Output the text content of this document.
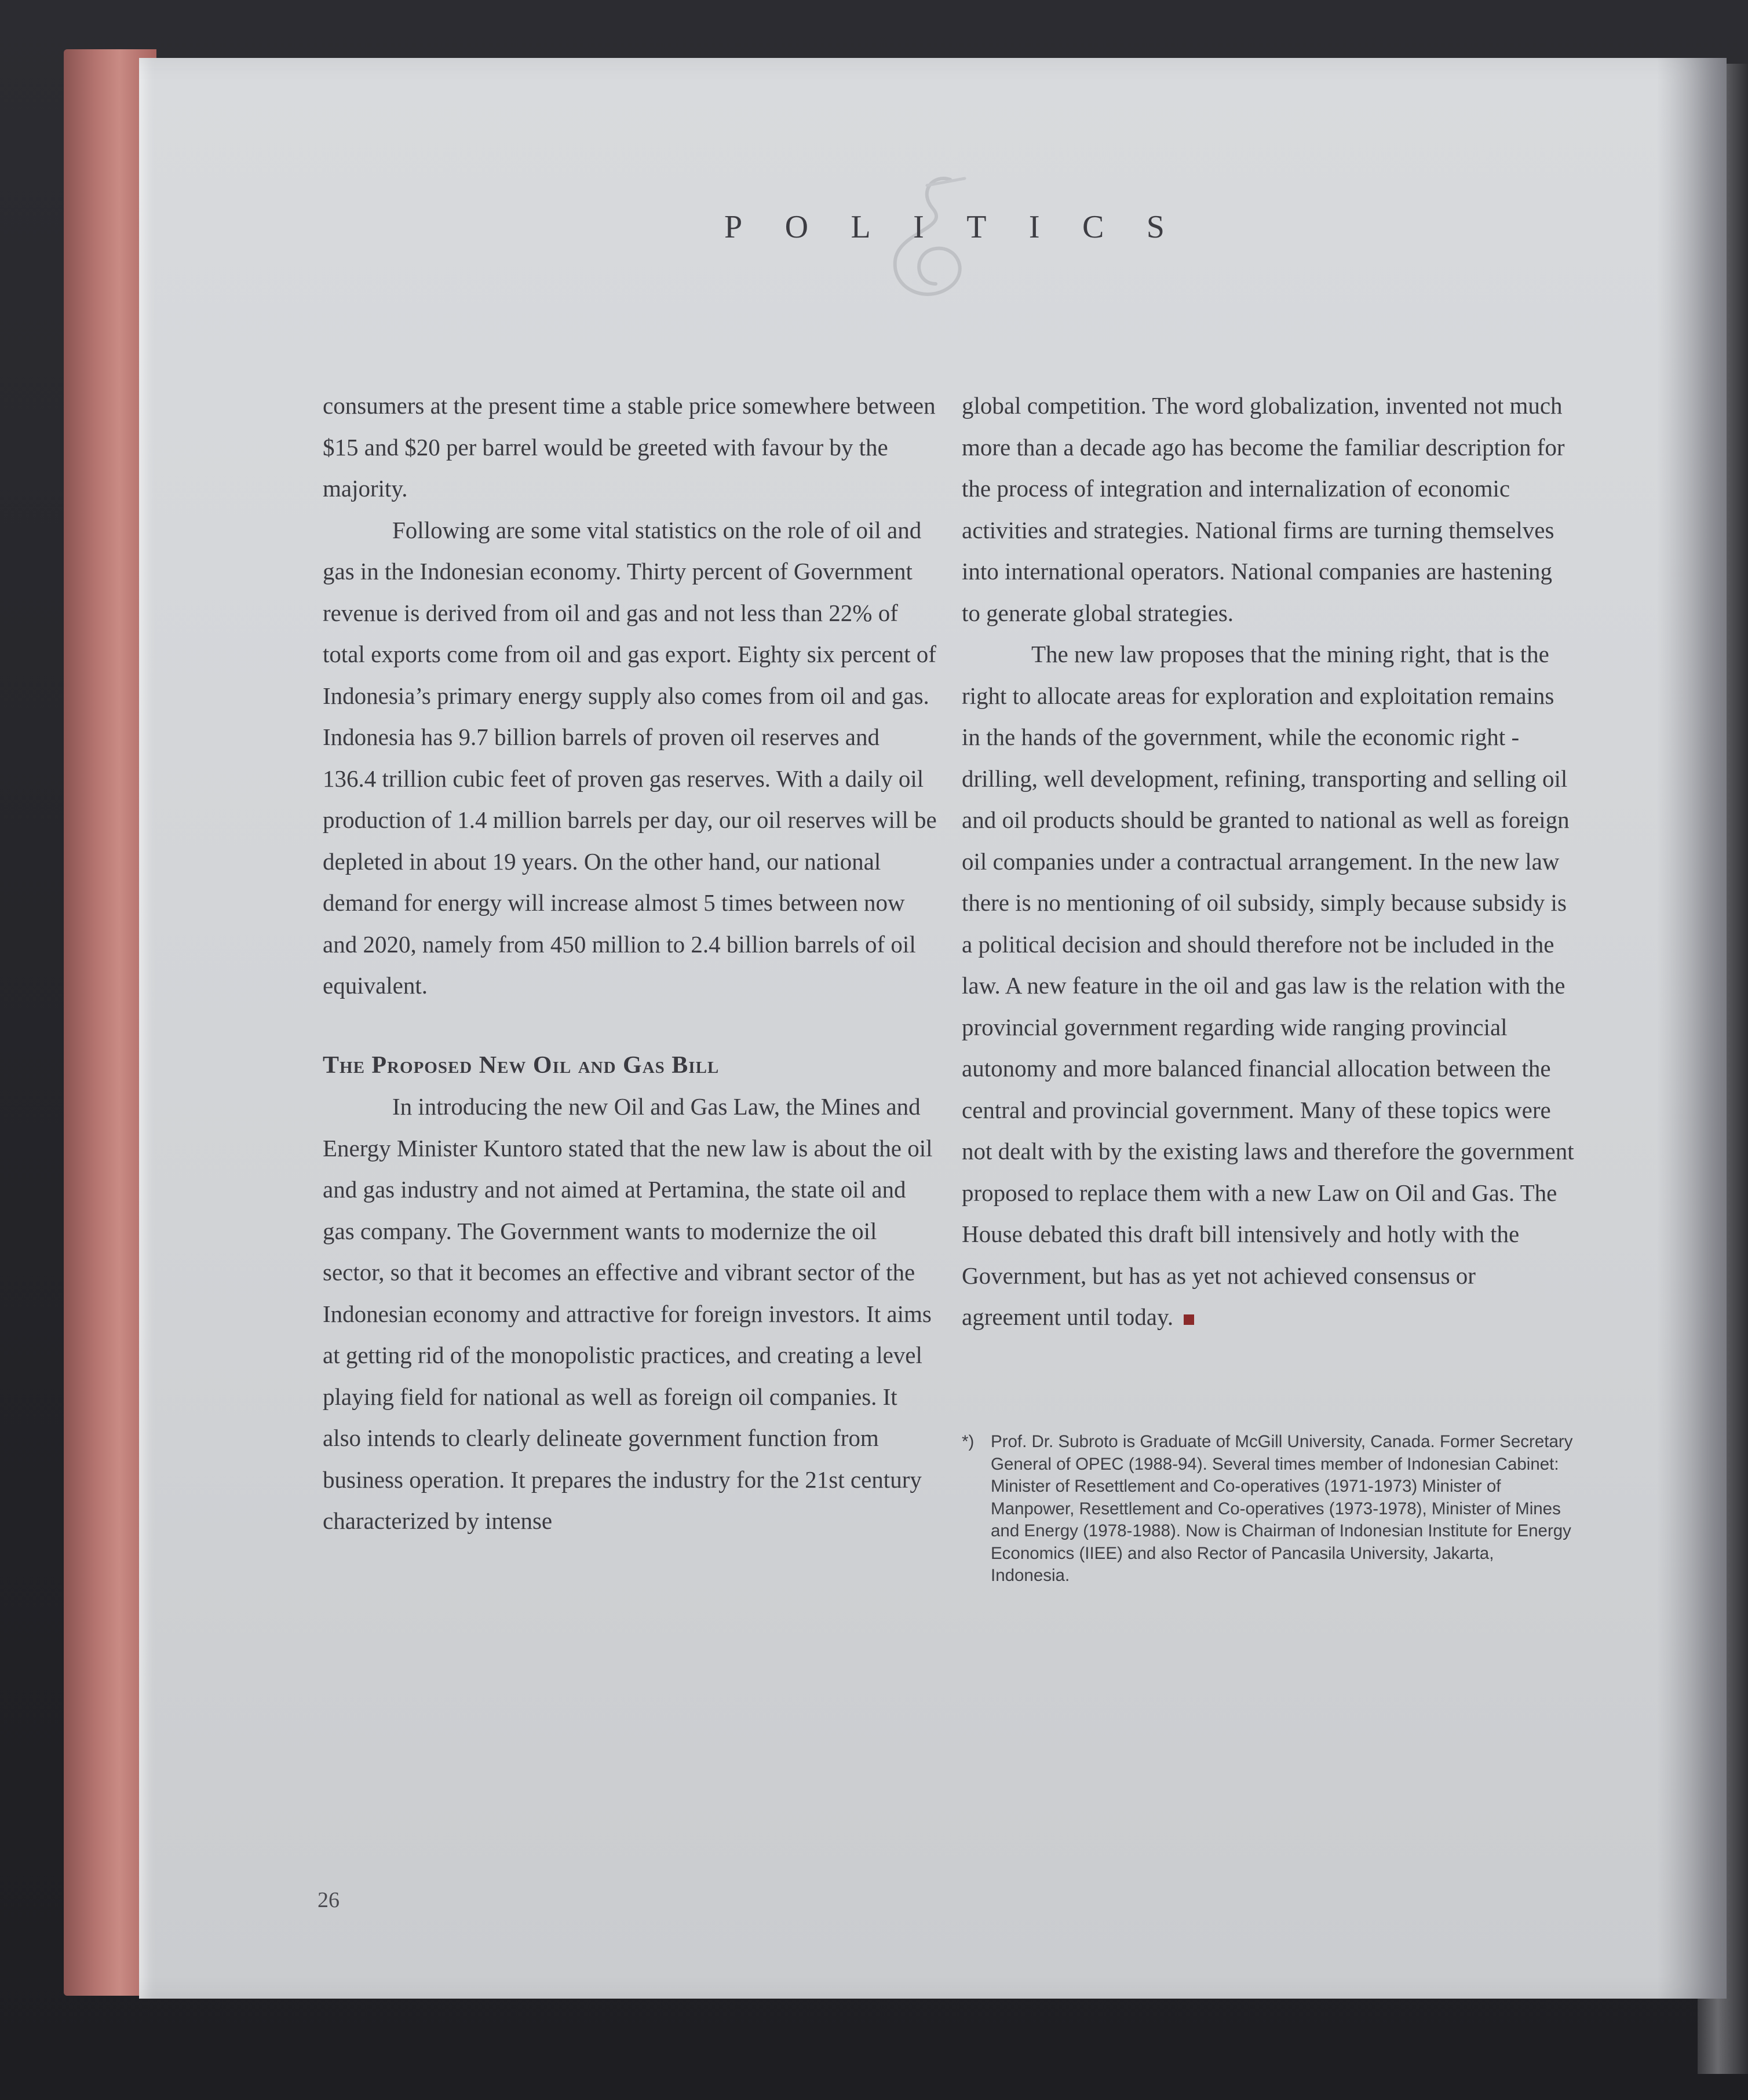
P O L I T I C S

consumers at the present time a stable price somewhere between $15 and $20 per barrel would be greeted with favour by the majority.

Following are some vital statistics on the role of oil and gas in the Indonesian economy. Thirty percent of Government revenue is derived from oil and gas and not less than 22% of total exports come from oil and gas export. Eighty six percent of Indonesia’s primary energy supply also comes from oil and gas. Indonesia has 9.7 billion barrels of proven oil reserves and 136.4 trillion cubic feet of proven gas reserves. With a daily oil production of 1.4 million barrels per day, our oil reserves will be depleted in about 19 years. On the other hand, our national demand for energy will increase almost 5 times between now and 2020, namely from 450 million to 2.4 billion barrels of oil equivalent.

The Proposed New Oil and Gas Bill

In introducing the new Oil and Gas Law, the Mines and Energy Minister Kuntoro stated that the new law is about the oil and gas industry and not aimed at Pertamina, the state oil and gas company. The Government wants to modernize the oil sector, so that it becomes an effective and vibrant sector of the Indonesian economy and attractive for foreign investors. It aims at getting rid of the monopolistic practices, and creating a level playing field for national as well as foreign oil companies. It also intends to clearly delineate government function from business operation. It prepares the industry for the 21st century characterized by intense

global competition. The word globalization, invented not much more than a decade ago has become the familiar description for the process of integration and internalization of economic activities and strategies. National firms are turning themselves into international operators. National companies are hastening to generate global strategies.

The new law proposes that the mining right, that is the right to allocate areas for exploration and exploitation remains in the hands of the government, while the economic right - drilling, well development, refining, transporting and selling oil and oil products should be granted to national as well as foreign oil companies under a contractual arrangement. In the new law there is no mentioning of oil subsidy, simply because subsidy is a political decision and should therefore not be included in the law. A new feature in the oil and gas law is the relation with the provincial government regarding wide ranging provincial autonomy and more balanced financial allocation between the central and provincial government. Many of these topics were not dealt with by the existing laws and therefore the government proposed to replace them with a new Law on Oil and Gas. The House debated this draft bill intensively and hotly with the Government, but has as yet not achieved consensus or agreement until today.

*) Prof. Dr. Subroto is Graduate of McGill University, Canada. Former Secretary General of OPEC (1988-94). Several times member of Indonesian Cabinet: Minister of Resettlement and Co-operatives (1971-1973) Minister of Manpower, Resettlement and Co-operatives (1973-1978), Minister of Mines and Energy (1978-1988). Now is Chairman of Indonesian Institute for Energy Economics (IIEE) and also Rector of Pancasila University, Jakarta, Indonesia.
26
